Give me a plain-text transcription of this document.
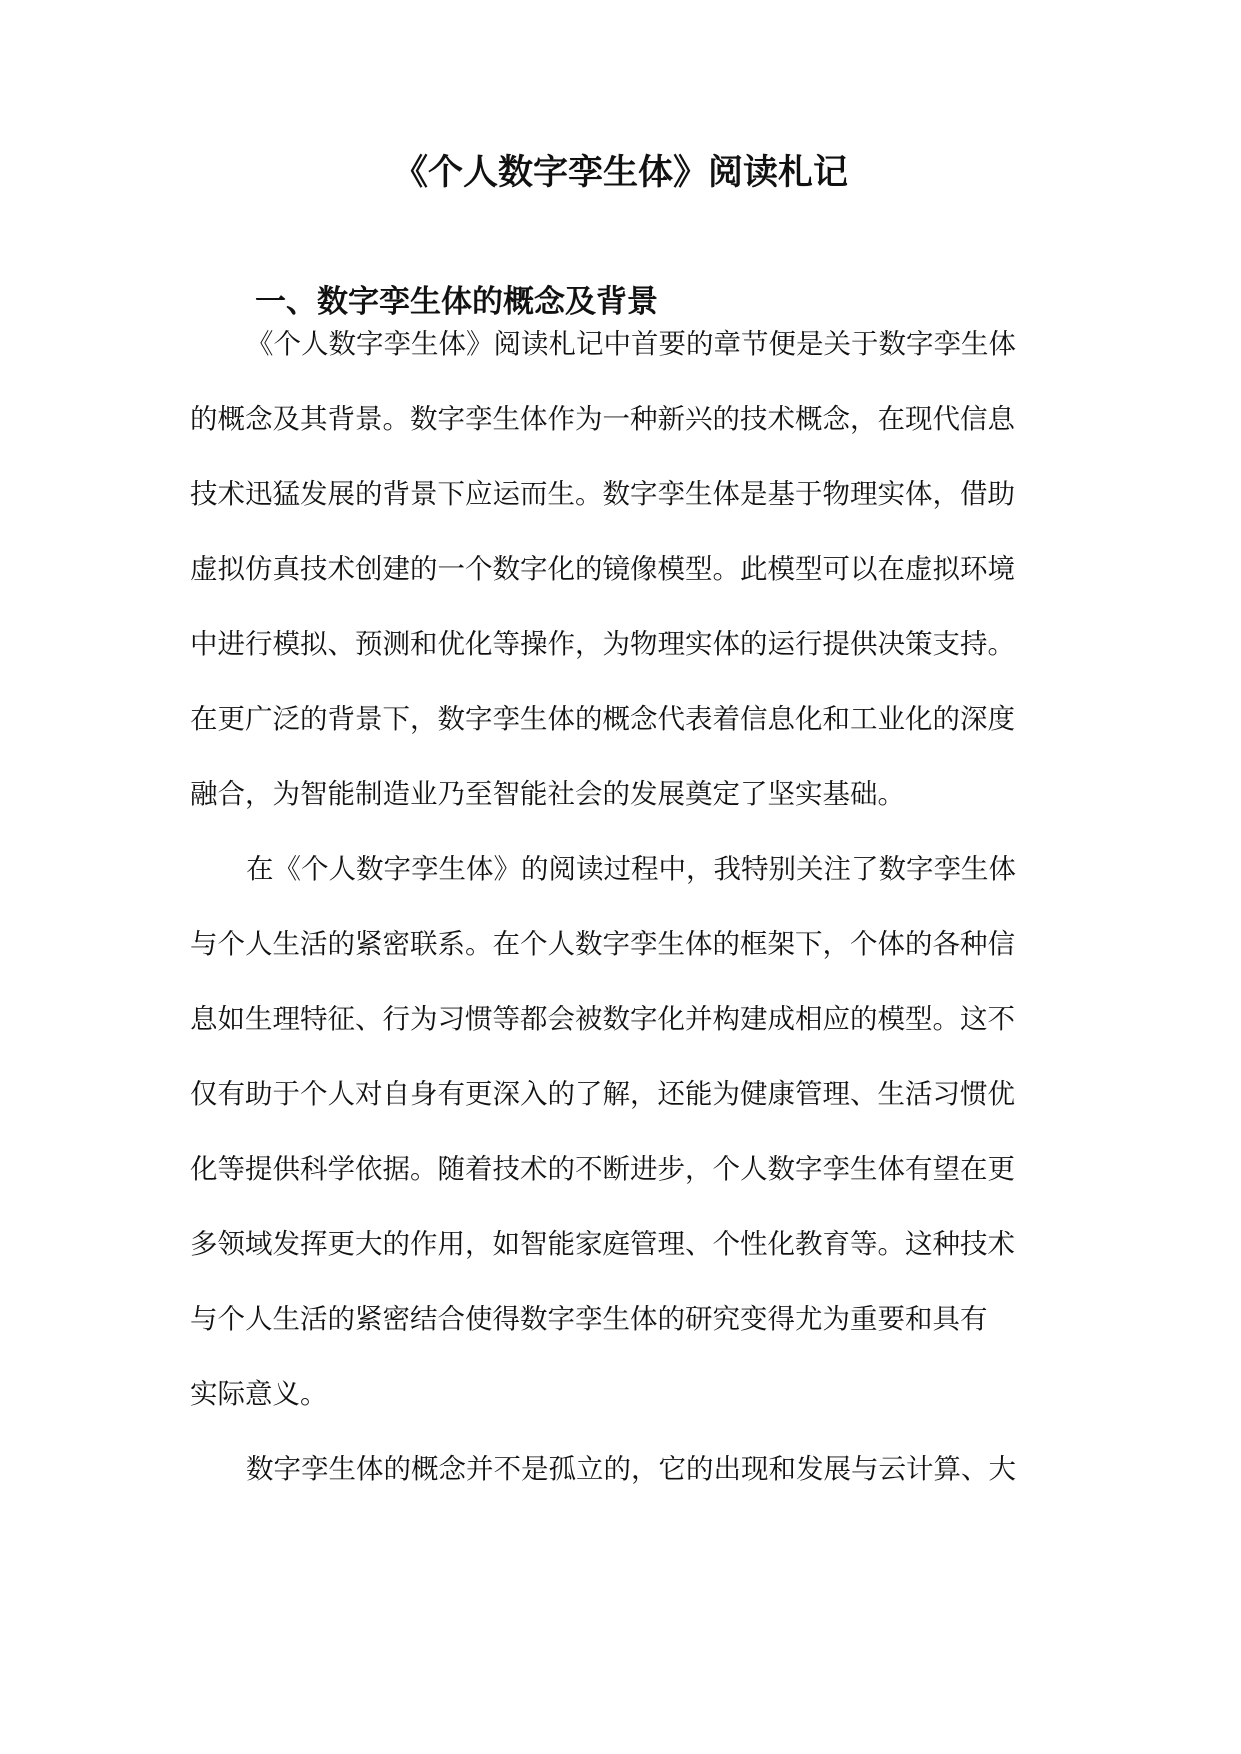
《个人数字孪生体》阅读札记
一、数字孪生体的概念及背景

《个人数字孪生体》阅读札记中首要的章节便是关于数字孪生体

的概念及其背景。数字孪生体作为一种新兴的技术概念，在现代信息

技术迅猛发展的背景下应运而生。数字孪生体是基于物理实体，借助

虚拟仿真技术创建的一个数字化的镜像模型。此模型可以在虚拟环境

中进行模拟、预测和优化等操作，为物理实体的运行提供决策支持。

在更广泛的背景下，数字孪生体的概念代表着信息化和工业化的深度

融合，为智能制造业乃至智能社会的发展奠定了坚实基础。

在《个人数字孪生体》的阅读过程中，我特别关注了数字孪生体

与个人生活的紧密联系。在个人数字孪生体的框架下，个体的各种信

息如生理特征、行为习惯等都会被数字化并构建成相应的模型。这不

仅有助于个人对自身有更深入的了解，还能为健康管理、生活习惯优

化等提供科学依据。随着技术的不断进步，个人数字孪生体有望在更

多领域发挥更大的作用，如智能家庭管理、个性化教育等。这种技术

与个人生活的紧密结合使得数字孪生体的研究变得尤为重要和具有

实际意义。

数字孪生体的概念并不是孤立的，它的出现和发展与云计算、大
